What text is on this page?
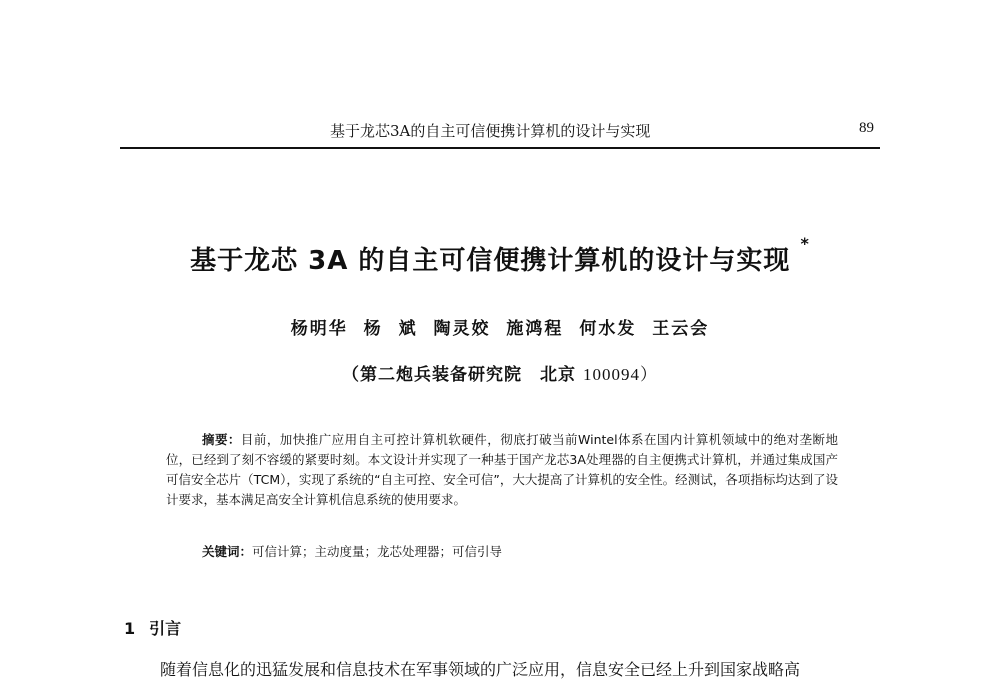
基于龙芯3A的自主可信便携计算机的设计与实现	89
基于龙芯 3A 的自主可信便携计算机的设计与实现 *
杨明华 杨 斌 陶灵姣 施鸿程 何水发 王云会
（第二炮兵装备研究院　北京 100094）
摘要：目前，加快推广应用自主可控计算机软硬件，彻底打破当前Wintel体系在国内计算机领域中的绝对垄断地位，已经到了刻不容缓的紧要时刻。本文设计并实现了一种基于国产龙芯3A处理器的自主便携式计算机，并通过集成国产可信安全芯片（TCM），实现了系统的“自主可控、安全可信”，大大提高了计算机的安全性。经测试，各项指标均达到了设计要求，基本满足高安全计算机信息系统的使用要求。
关键词：可信计算；主动度量；龙芯处理器；可信引导
1 引言
随着信息化的迅猛发展和信息技术在军事领域的广泛应用，信息安全已经上升到国家战略高
